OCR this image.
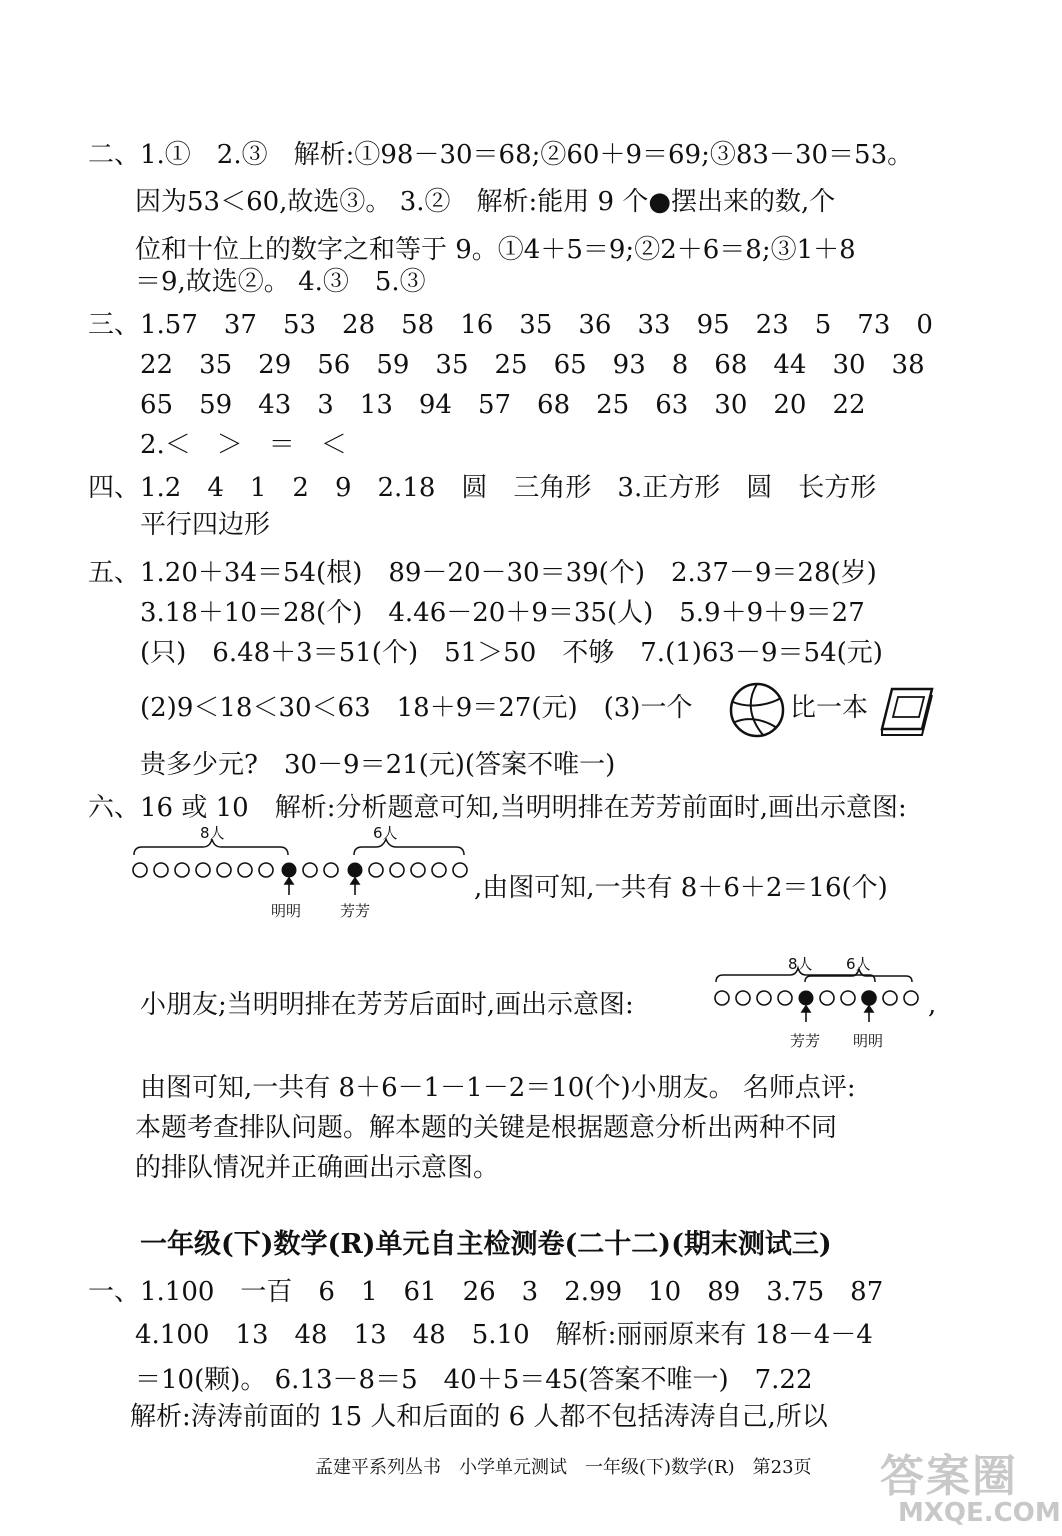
二、1.①　2.③　解析:①98－30＝68;②60＋9＝69;③83－30＝53。
因为53＜60,故选③。 3.②　解析:能用 9 个●摆出来的数,个
位和十位上的数字之和等于 9。①4＋5＝9;②2＋6＝8;③1＋8
＝9,故选②。 4.③　5.③
三、1.57　37　53　28　58　16　35　36　33　95　23　5　73　0
22　35　29　56　59　35　25　65　93　8　68　44　30　38
65　59　43　3　13　94　57　68　25　63　30　20　22
2.＜　＞　＝　＜
四、1.2　4　1　2　9　2.18　圆　三角形　3.正方形　圆　长方形
平行四边形
五、1.20＋34＝54(根)　89－20－30＝39(个)　2.37－9＝28(岁)
3.18＋10＝28(个)　4.46－20＋9＝35(人)　5.9＋9＋9＝27
(只)　6.48＋3＝51(个)　51＞50　不够　7.(1)63－9＝54(元)
(2)9＜18＜30＜63　18＋9＝27(元)　(3)一个	比一本
贵多少元?　30－9＝21(元)(答案不唯一)
六、16 或 10　解析:分析题意可知,当明明排在芳芳前面时,画出示意图:
8人	6人
明明	芳芳
,由图可知,一共有 8＋6＋2＝16(个)
小朋友;当明明排在芳芳后面时,画出示意图:
8人 6人
芳芳 明明
,
由图可知,一共有 8＋6－1－1－2＝10(个)小朋友。 名师点评:
本题考查排队问题。解本题的关键是根据题意分析出两种不同
的排队情况并正确画出示意图。
一年级(下)数学(R)单元自主检测卷(二十二)(期末测试三)
一、1.100　一百　6　1　61　26　3　2.99　10　89　3.75　87
4.100　13　48　13　48　5.10　解析:丽丽原来有 18－4－4
＝10(颗)。 6.13－8＝5　40＋5＝45(答案不唯一)　7.22
解析:涛涛前面的 15 人和后面的 6 人都不包括涛涛自己,所以
孟建平系列丛书　小学单元测试　一年级(下)数学(R)　第23页 答案圈
MXQE.COM
